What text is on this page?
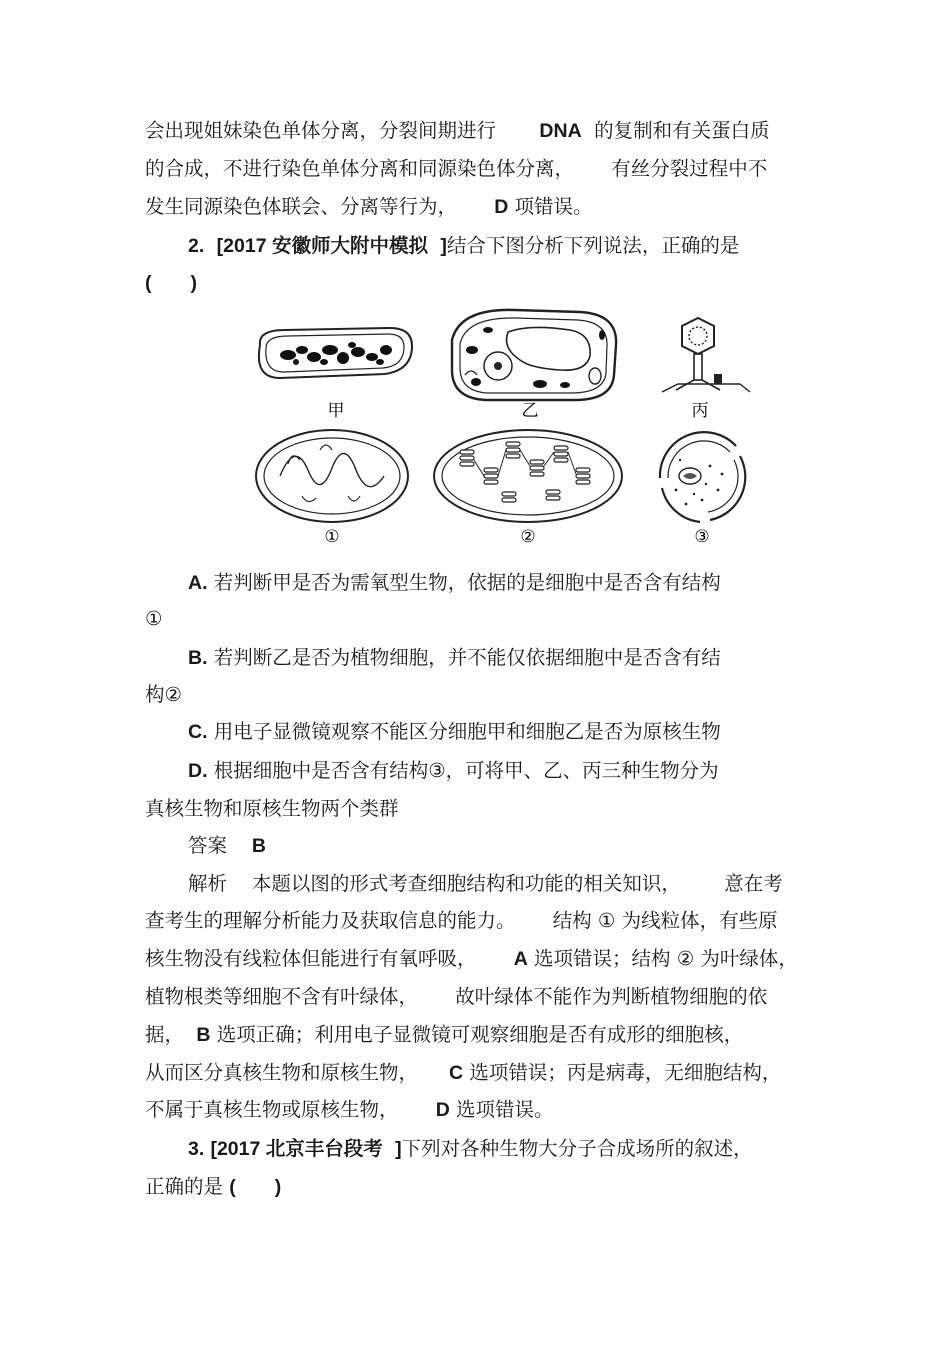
会出现姐妹染色单体分离，分裂间期进行 DNA 的复制和有关蛋白质
的合成，不进行染色单体分离和同源染色体分离， 有丝分裂过程中不
发生同源染色体联会、分离等行为， D 项错误。
2. [2017 安徽师大附中模拟 ]结合下图分析下列说法，正确的是
(　　)
甲	乙	丙
①	②	③
A. 若判断甲是否为需氧型生物，依据的是细胞中是否含有结构
①
B. 若判断乙是否为植物细胞，并不能仅依据细胞中是否含有结
构②
C. 用电子显微镜观察不能区分细胞甲和细胞乙是否为原核生物
D. 根据细胞中是否含有结构③，可将甲、乙、丙三种生物分为
真核生物和原核生物两个类群
答案 B
解析 本题以图的形式考查细胞结构和功能的相关知识， 意在考
查考生的理解分析能力及获取信息的能力。 结构 ① 为线粒体，有些原
核生物没有线粒体但能进行有氧呼吸， A 选项错误；结构 ② 为叶绿体，
植物根类等细胞不含有叶绿体， 故叶绿体不能作为判断植物细胞的依
据， B 选项正确；利用电子显微镜可观察细胞是否有成形的细胞核，
从而区分真核生物和原核生物， C 选项错误；丙是病毒，无细胞结构，
不属于真核生物或原核生物， D 选项错误。
3. [2017 北京丰台段考 ]下列对各种生物大分子合成场所的叙述，
正确的是 (　　)
